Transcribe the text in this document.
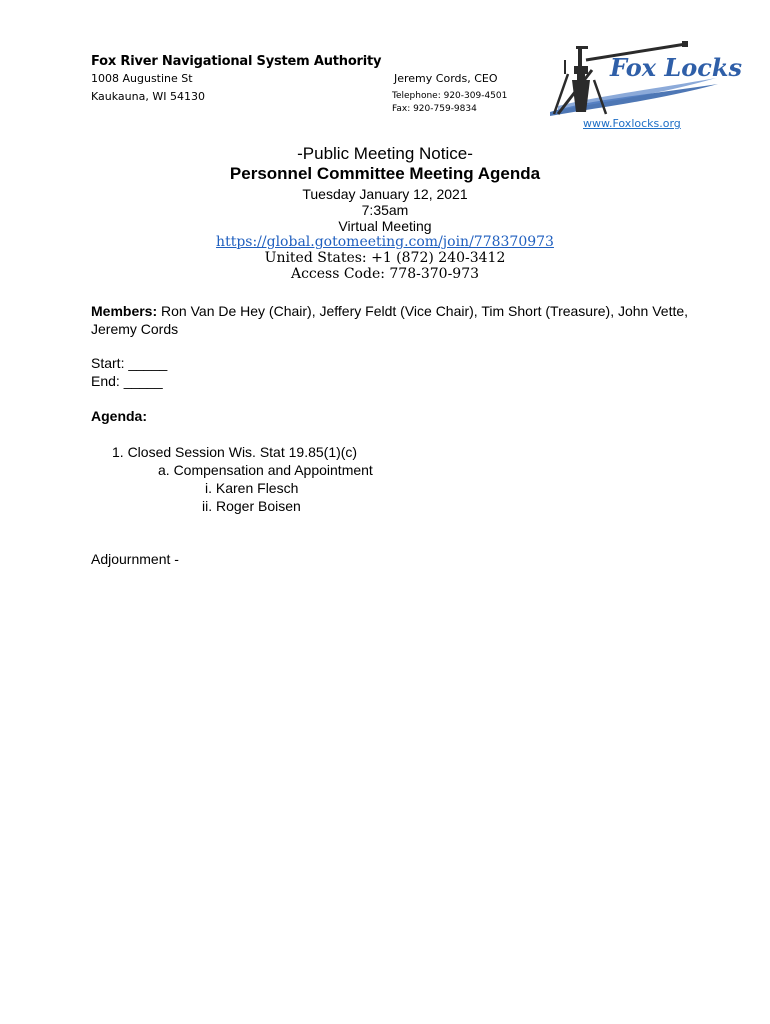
Fox River Navigational System Authority
1008 Augustine St
Kaukauna, WI 54130
Jeremy Cords, CEO
Telephone: 920-309-4501
Fax: 920-759-9834
www.Foxlocks.org
Fox Locks
-Public Meeting Notice-
Personnel Committee Meeting Agenda
Tuesday January 12, 2021
7:35am
Virtual Meeting
https://global.gotomeeting.com/join/778370973
United States: +1 (872) 240-3412
Access Code: 778-370-973
Members: Ron Van De Hey (Chair), Jeffery Feldt (Vice Chair), Tim Short (Treasure), John Vette, Jeremy Cords
Start: _____
End: _____
Agenda:
1. Closed Session Wis. Stat 19.85(1)(c)
a. Compensation and Appointment
i. Karen Flesch
ii. Roger Boisen
Adjournment -
